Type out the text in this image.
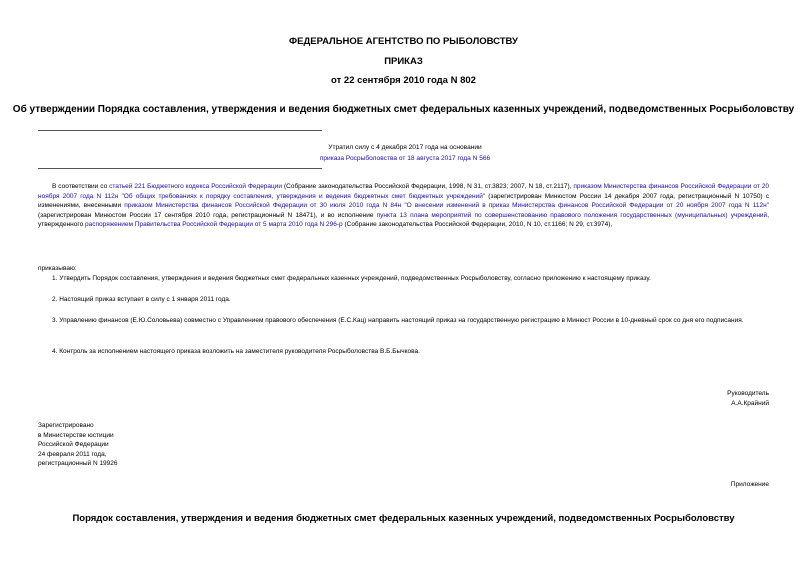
ФЕДЕРАЛЬНОЕ АГЕНТСТВО ПО РЫБОЛОВСТВУ
ПРИКАЗ
от 22 сентября 2010 года N 802
Об утверждении Порядка составления, утверждения и ведения бюджетных смет федеральных казенных учреждений, подведомственных Росрыболовству
Утратил силу с 4 декабря 2017 года на основании
приказа Росрыболовства от 18 августа 2017 года N 566
В соответствии со статьей 221 Бюджетного кодекса Российской Федерации (Собрание законодательства Российской Федерации, 1998, N 31, ст.3823; 2007, N 18, ст.2117), приказом Министерства финансов Российской Федерации от 20 ноября 2007 года N 112н "Об общих требованиях к порядку составления, утверждения и ведения бюджетных смет бюджетных учреждений" (зарегистрирован Минюстом России 14 декабря 2007 года, регистрационный N 10750) с изменениями, внесенными приказом Министерства финансов Российской Федерации от 30 июля 2010 года N 84н "О внесении изменений в приказ Министерства финансов Российской Федерации от 20 ноября 2007 года N 112н" (зарегистрирован Минюстом России 17 сентября 2010 года, регистрационный N 18471), и во исполнение пункта 13 плана мероприятий по совершенствованию правового положения государственных (муниципальных) учреждений, утвержденного распоряжением Правительства Российской Федерации от 5 марта 2010 года N 296-р (Собрание законодательства Российской Федерации, 2010, N 10, ст.1166; N 29, ст.3974),
приказываю:
1. Утвердить Порядок составления, утверждения и ведения бюджетных смет федеральных казенных учреждений, подведомственных Росрыболовству, согласно приложению к настоящему приказу.
2. Настоящий приказ вступает в силу с 1 января 2011 года.
3. Управлению финансов (Е.Ю.Соловьева) совместно с Управлением правового обеспечения (Е.С.Кац) направить настоящий приказ на государственную регистрацию в Минюст России в 10-дневный срок со дня его подписания.
4. Контроль за исполнением настоящего приказа возложить на заместителя руководителя Росрыболовства В.Б.Бычкова.
Руководитель
А.А.Крайний
Зарегистрировано
в Министерстве юстиции
Российской Федерации
24 февраля 2011 года,
регистрационный N 19926
Приложение
Порядок составления, утверждения и ведения бюджетных смет федеральных казенных учреждений, подведомственных Росрыболовству
